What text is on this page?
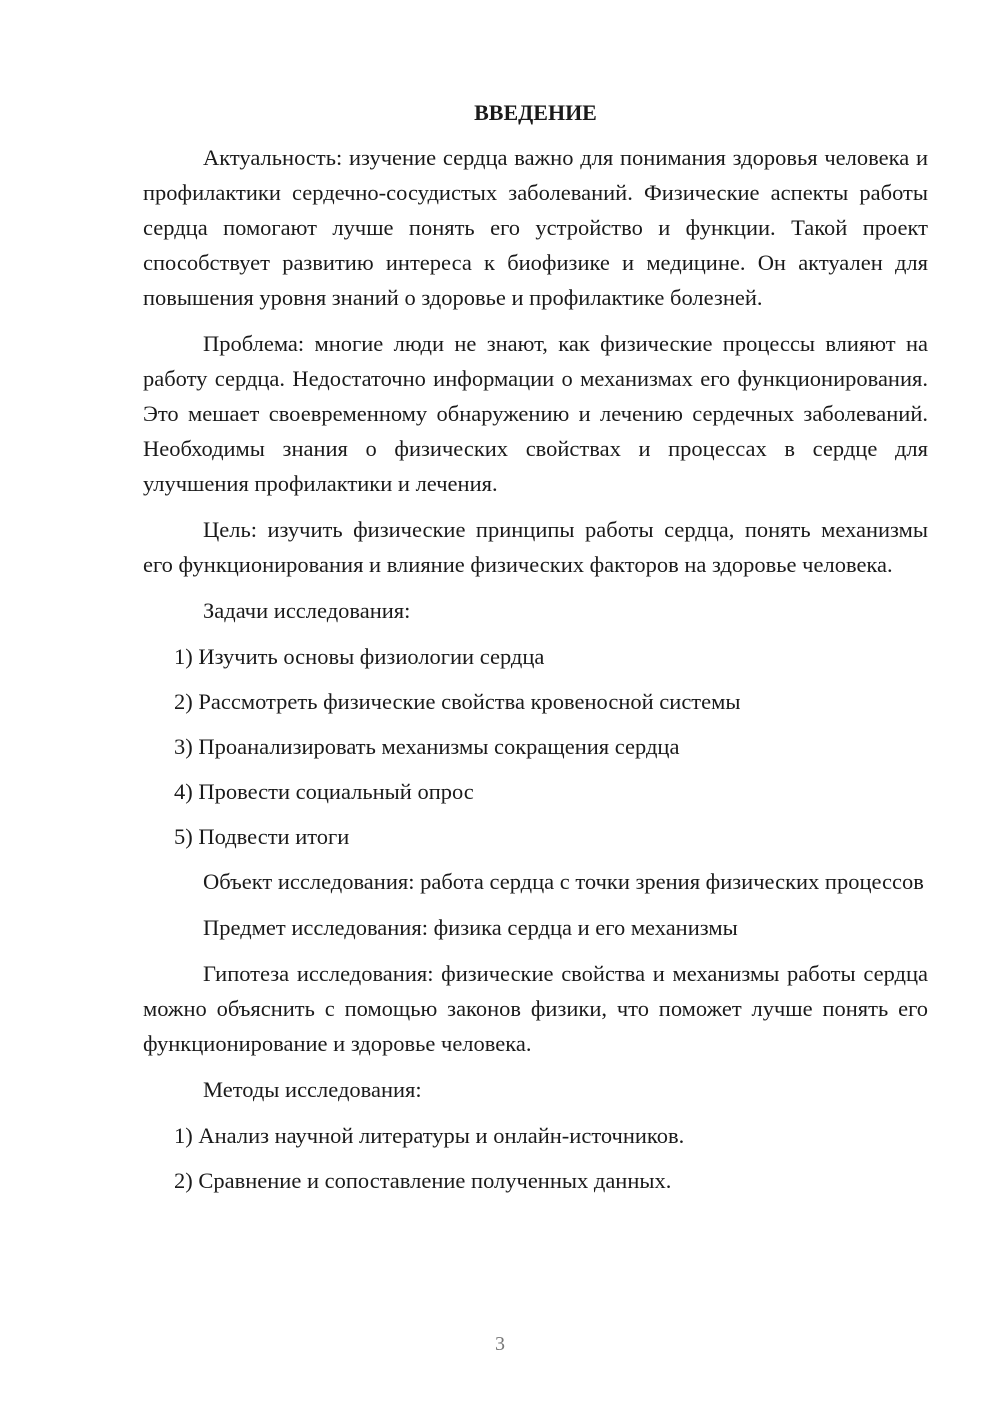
ВВЕДЕНИЕ
Актуальность: изучение сердца важно для понимания здоровья человека и профилактики сердечно-сосудистых заболеваний. Физические аспекты работы сердца помогают лучше понять его устройство и функции. Такой проект способствует развитию интереса к биофизике и медицине. Он актуален для повышения уровня знаний о здоровье и профилактике болезней.
Проблема: многие люди не знают, как физические процессы влияют на работу сердца. Недостаточно информации о механизмах его функционирования. Это мешает своевременному обнаружению и лечению сердечных заболеваний. Необходимы знания о физических свойствах и процессах в сердце для улучшения профилактики и лечения.
Цель: изучить физические принципы работы сердца, понять механизмы его функционирования и влияние физических факторов на здоровье человека.
Задачи исследования:
1) Изучить основы физиологии сердца
2) Рассмотреть физические свойства кровеносной системы
3) Проанализировать механизмы сокращения сердца
4) Провести социальный опрос
5) Подвести итоги
Объект исследования: работа сердца с точки зрения физических процессов
Предмет исследования: физика сердца и его механизмы
Гипотеза исследования: физические свойства и механизмы работы сердца можно объяснить с помощью законов физики, что поможет лучше понять его функционирование и здоровье человека.
Методы исследования:
1) Анализ научной литературы и онлайн-источников.
2) Сравнение и сопоставление полученных данных.
3
